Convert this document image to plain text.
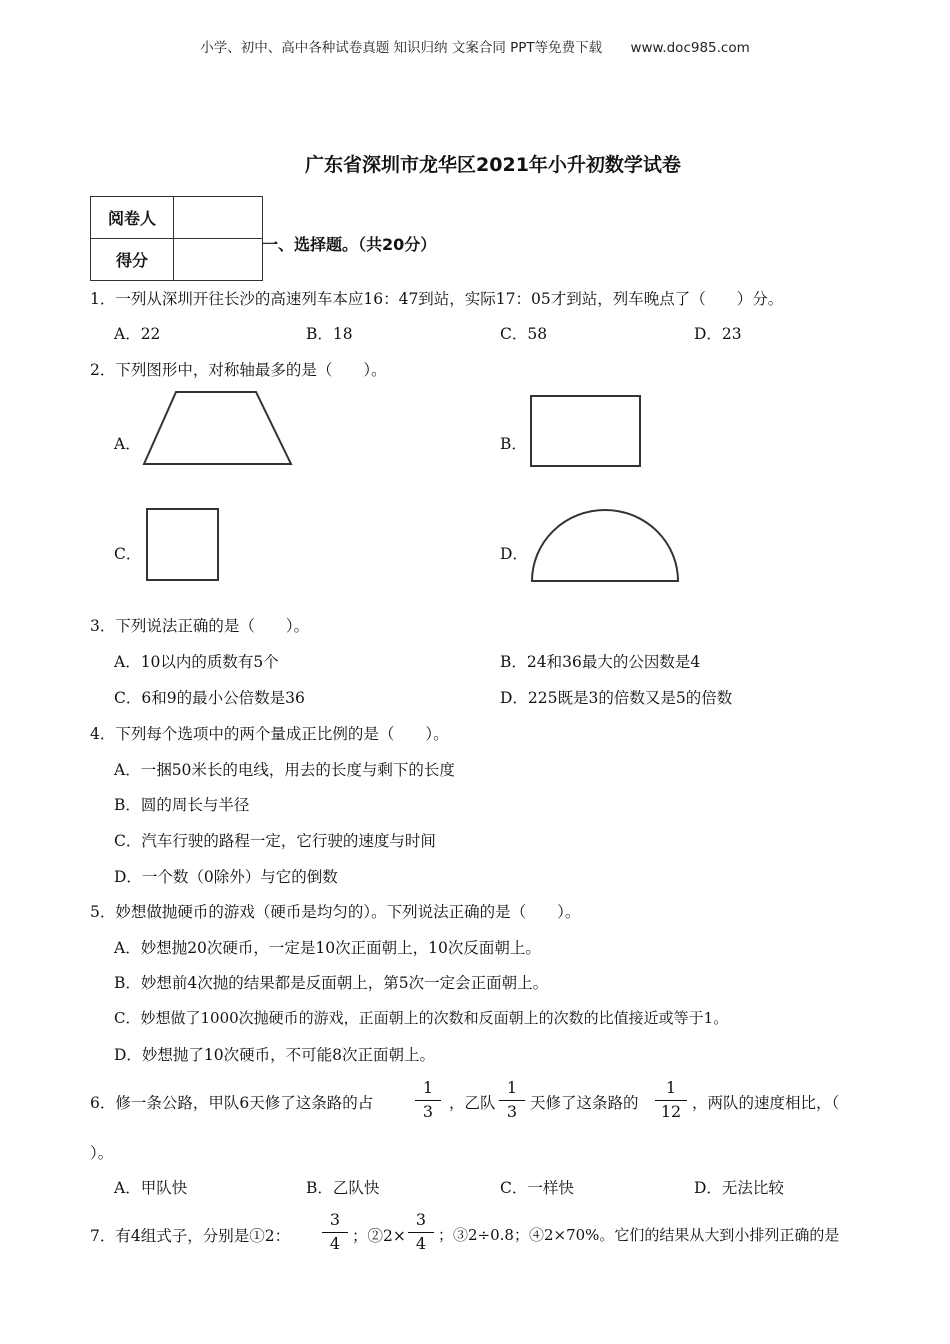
小学、初中、高中各种试卷真题 知识归纳 文案合同 PPT等免费下载 www.doc985.com
广东省深圳市龙华区2021年小升初数学试卷
阅卷人	
得分	
一、选择题。（共20分）
1．一列从深圳开往长沙的高速列车本应16：47到站，实际17：05才到站，列车晚点了（　　）分。
A．22	B．18	C．58	D．23
2．下列图形中，对称轴最多的是（　　）。
A．	B．
C．	D．
3．下列说法正确的是（　　）。
A．10以内的质数有5个	B．24和36最大的公因数是4
C．6和9的最小公倍数是36	D．225既是3的倍数又是5的倍数
4．下列每个选项中的两个量成正比例的是（　　）。
A．一捆50米长的电线，用去的长度与剩下的长度
B．圆的周长与半径
C．汽车行驶的路程一定，它行驶的速度与时间
D．一个数（0除外）与它的倒数
5．妙想做抛硬币的游戏（硬币是均匀的）。下列说法正确的是（　　）。
A．妙想抛20次硬币，一定是10次正面朝上，10次反面朝上。
B．妙想前4次抛的结果都是反面朝上，第5次一定会正面朝上。
C．妙想做了1000次抛硬币的游戏，正面朝上的次数和反面朝上的次数的比值接近或等于1。
D．妙想抛了10次硬币，不可能8次正面朝上。
6．修一条公路，甲队6天修了这条路的占
1
3	，乙队
1
3 天修了这条路的
1
12 ，两队的速度相比，（
）。
A．甲队快	B．乙队快	C．一样快	D．无法比较
7．有4组式子，分别是①2：
3
4 ；②2×
3
4 ；③2÷0.8；④2×70%。它们的结果从大到小排列正确的是
